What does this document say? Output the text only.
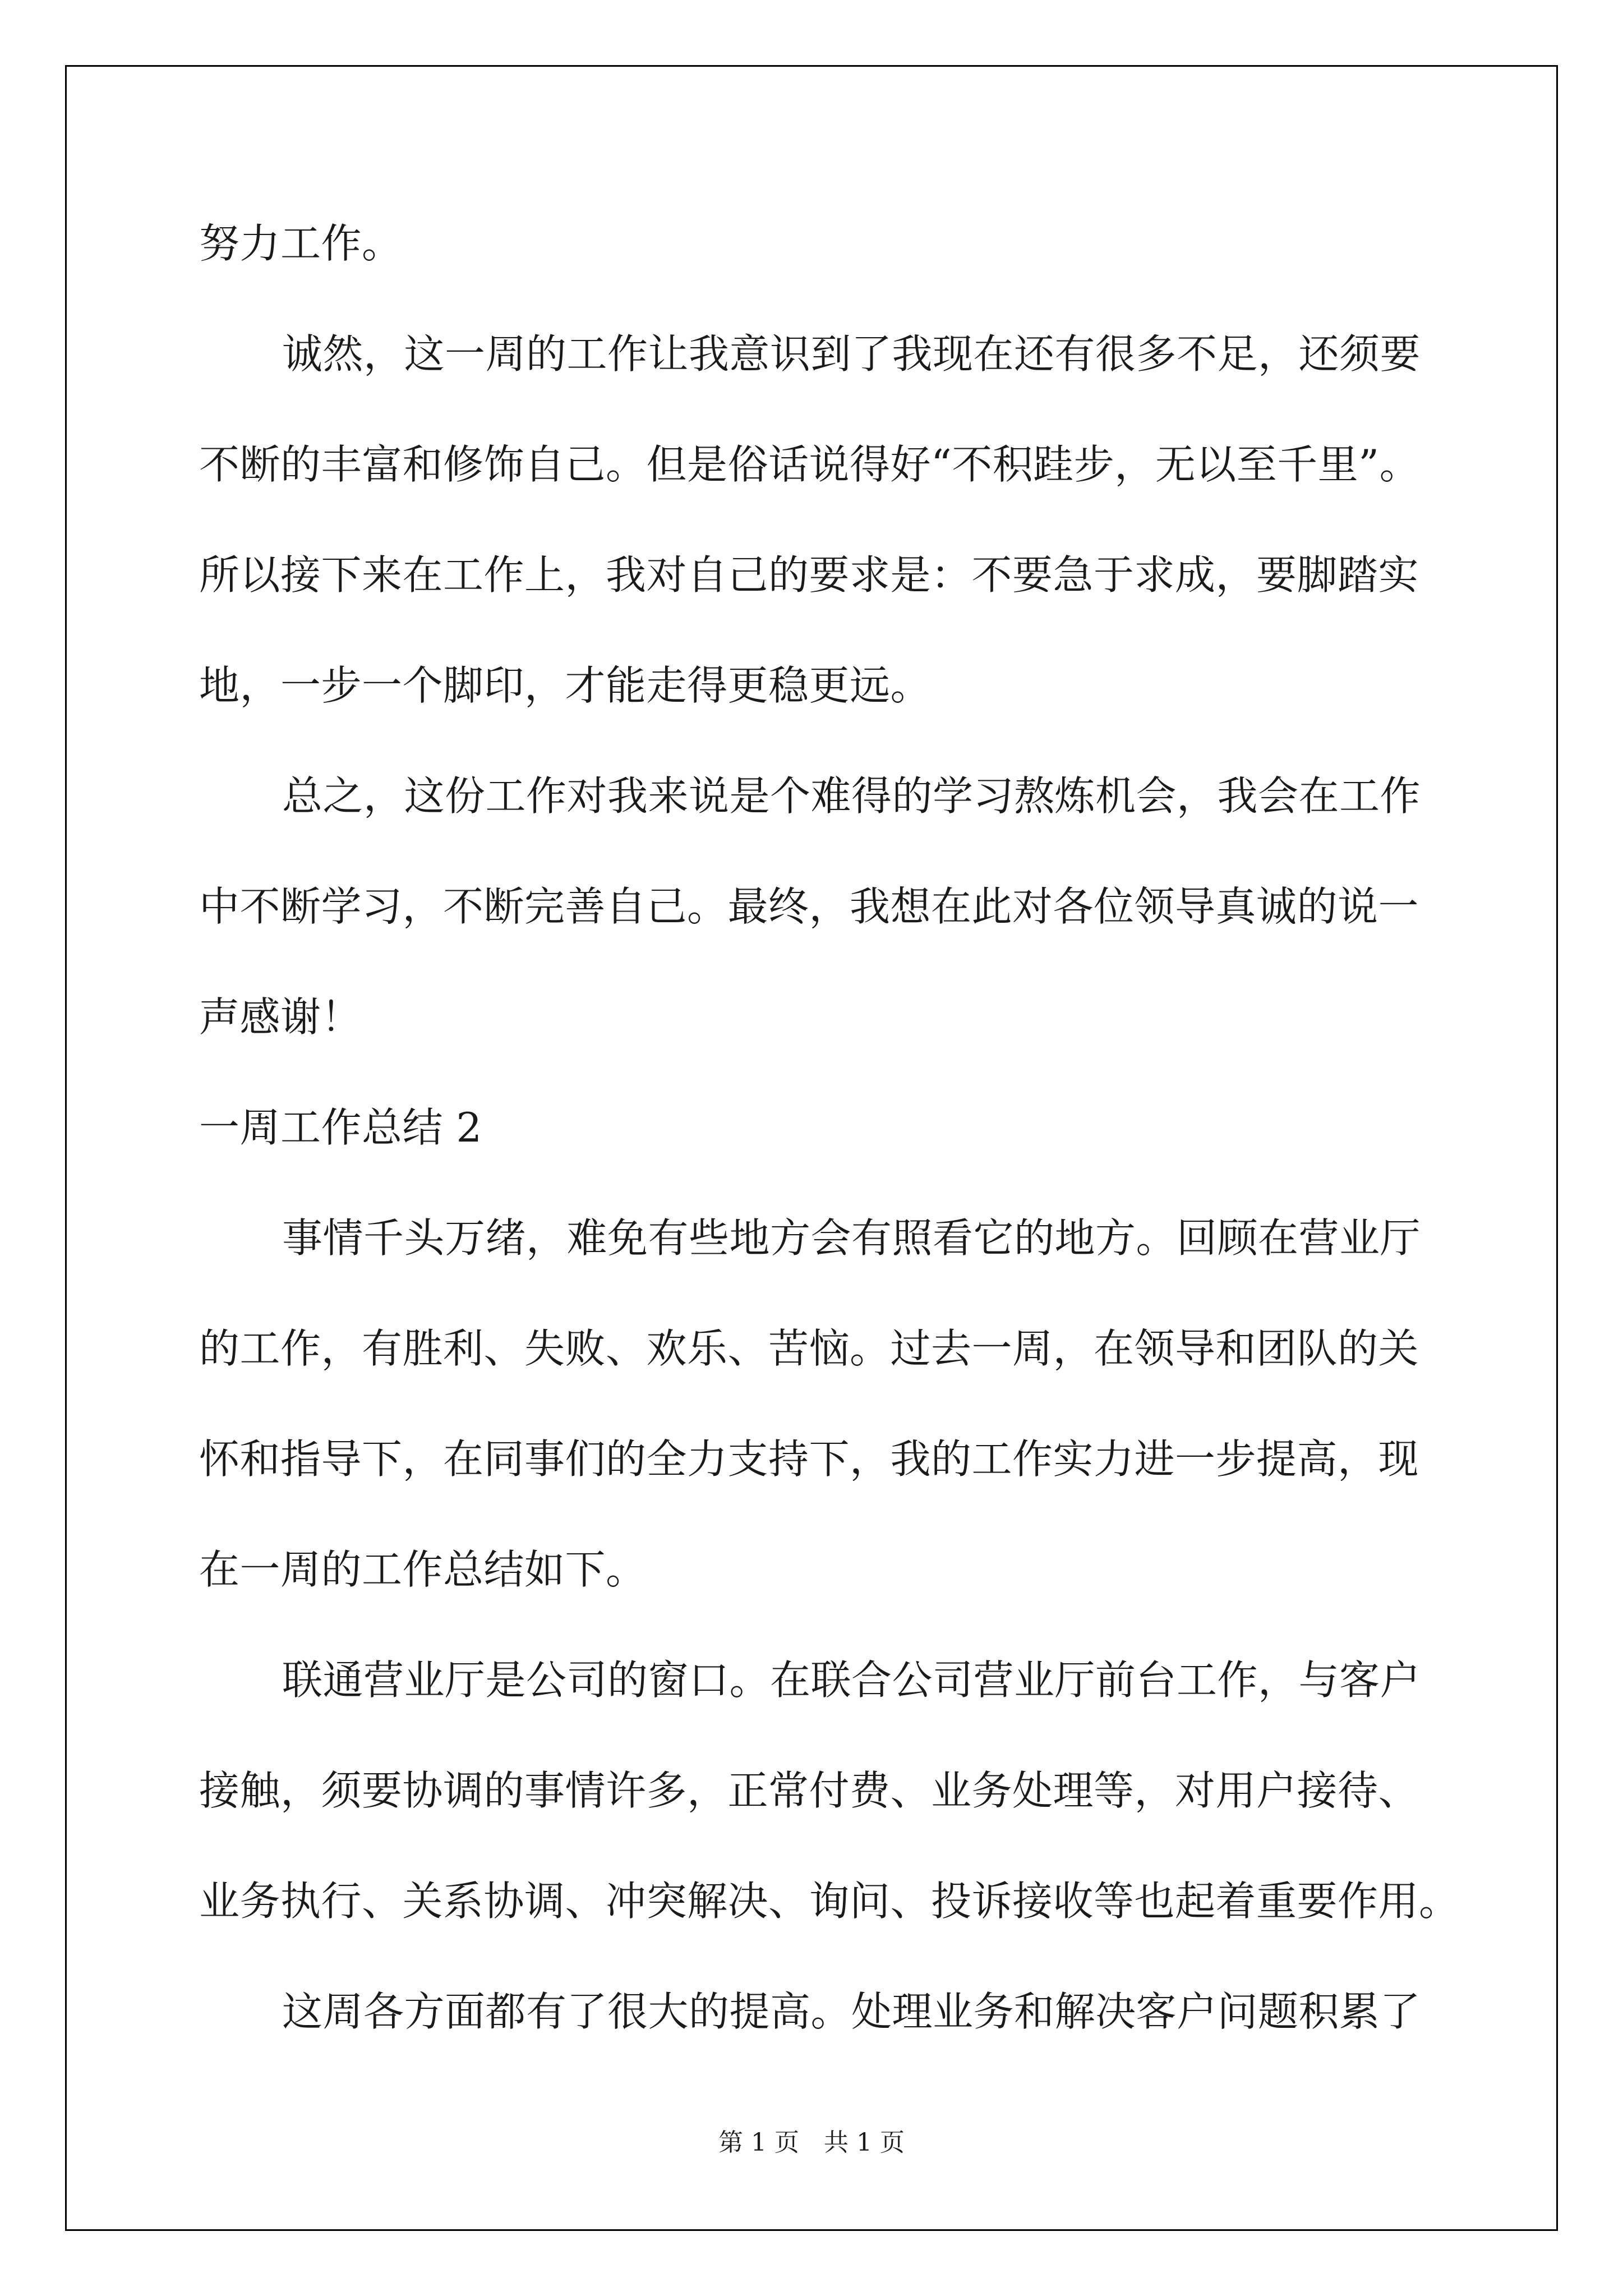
努力工作。
诚然，这一周的工作让我意识到了我现在还有很多不足，还须要
不断的丰富和修饰自己。但是俗话说得好“不积跬步，无以至千里”。
所以接下来在工作上，我对自己的要求是：不要急于求成，要脚踏实
地，一步一个脚印，才能走得更稳更远。
总之，这份工作对我来说是个难得的学习熬炼机会，我会在工作
中不断学习，不断完善自己。最终，我想在此对各位领导真诚的说一
声感谢！
一周工作总结 2
事情千头万绪，难免有些地方会有照看它的地方。回顾在营业厅
的工作，有胜利、失败、欢乐、苦恼。过去一周，在领导和团队的关
怀和指导下，在同事们的全力支持下，我的工作实力进一步提高，现
在一周的工作总结如下。
联通营业厅是公司的窗口。在联合公司营业厅前台工作，与客户
接触，须要协调的事情许多，正常付费、业务处理等，对用户接待、
业务执行、关系协调、冲突解决、询问、投诉接收等也起着重要作用。
这周各方面都有了很大的提高。处理业务和解决客户问题积累了
第 1 页　共 1 页
